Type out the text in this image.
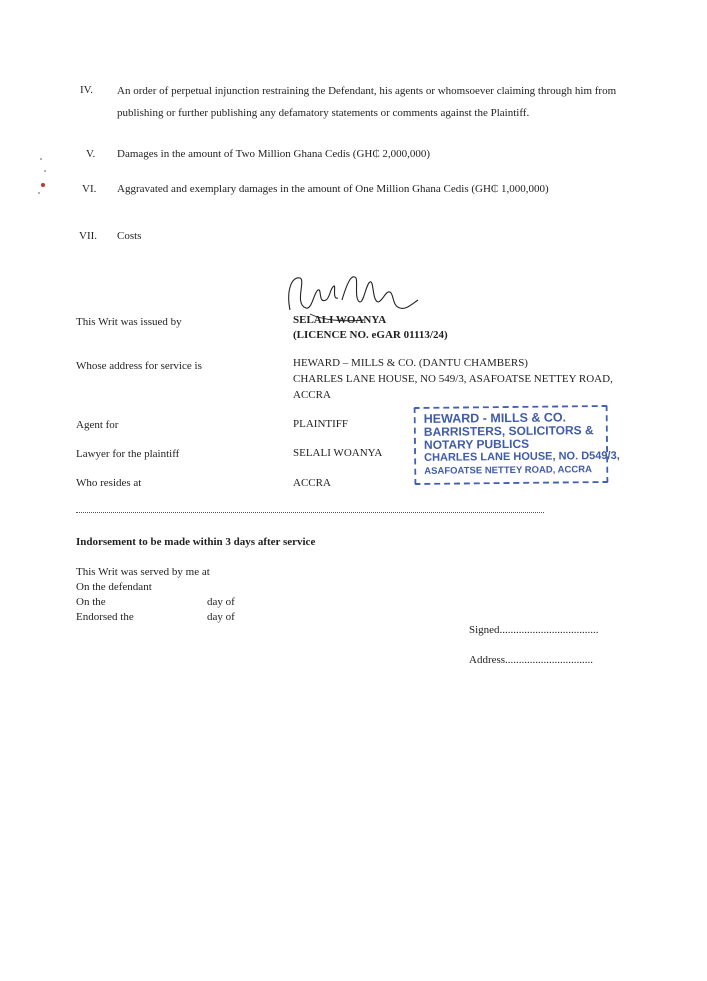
IV. An order of perpetual injunction restraining the Defendant, his agents or whomsoever claiming through him from publishing or further publishing any defamatory statements or comments against the Plaintiff.
V. Damages in the amount of Two Million Ghana Cedis (GH₵ 2,000,000)
VI. Aggravated and exemplary damages in the amount of One Million Ghana Cedis (GH₵ 1,000,000)
VII. Costs
This Writ was issued by	SELALI WOANYA
(LICENCE NO. eGAR 01113/24)
Whose address for service is	HEWARD – MILLS & CO. (DANTU CHAMBERS)
CHARLES LANE HOUSE, NO 549/3, ASAFOATSE NETTEY ROAD,
ACCRA
Agent for	PLAINTIFF
Lawyer for the plaintiff	SELALI WOANYA
Who resides at	ACCRA
HEWARD - MILLS & CO.
BARRISTERS, SOLICITORS &
NOTARY PUBLICS
CHARLES LANE HOUSE, NO. D549/3,
ASAFOATSE NETTEY ROAD, ACCRA
Indorsement to be made within 3 days after service
This Writ was served by me at
On the defendant
On the	day of
Endorsed the	day of
Signed....................................
Address................................
